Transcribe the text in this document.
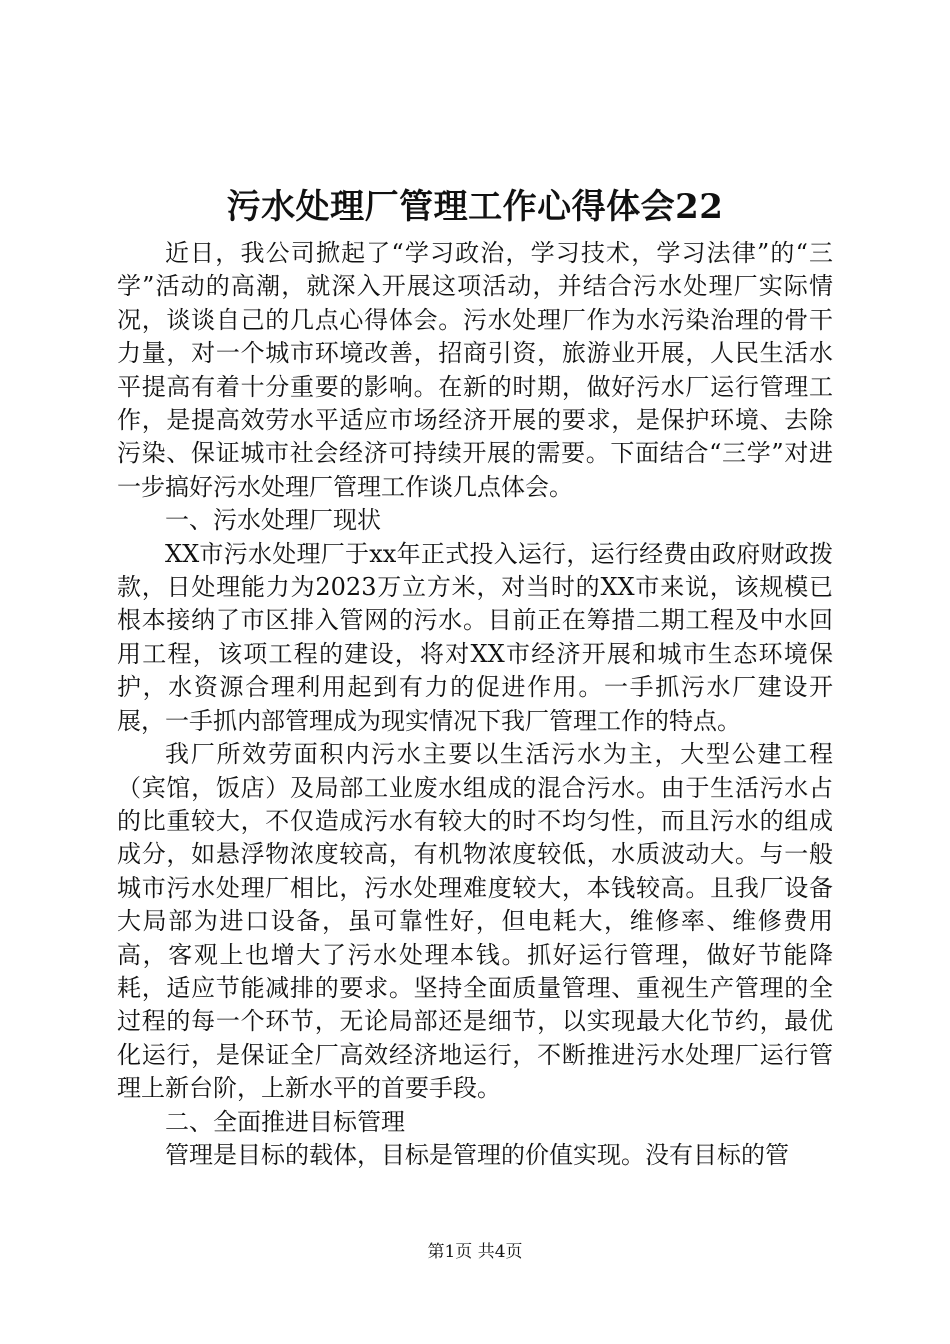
污水处理厂管理工作心得体会22

近日，我公司掀起了“学习政治，学习技术，学习法律”的“三学”活动的高潮，就深入开展这项活动，并结合污水处理厂实际情况，谈谈自己的几点心得体会。污水处理厂作为水污染治理的骨干力量，对一个城市环境改善，招商引资，旅游业开展，人民生活水平提高有着十分重要的影响。在新的时期，做好污水厂运行管理工作，是提高效劳水平适应市场经济开展的要求，是保护环境、去除污染、保证城市社会经济可持续开展的需要。下面结合“三学”对进一步搞好污水处理厂管理工作谈几点体会。

一、污水处理厂现状

XX市污水处理厂于xx年正式投入运行，运行经费由政府财政拨款，日处理能力为2023万立方米，对当时的XX市来说，该规模已根本接纳了市区排入管网的污水。目前正在筹措二期工程及中水回用工程，该项工程的建设，将对XX市经济开展和城市生态环境保护，水资源合理利用起到有力的促进作用。一手抓污水厂建设开展，一手抓内部管理成为现实情况下我厂管理工作的特点。

我厂所效劳面积内污水主要以生活污水为主，大型公建工程（宾馆，饭店）及局部工业废水组成的混合污水。由于生活污水占的比重较大，不仅造成污水有较大的时不均匀性，而且污水的组成成分，如悬浮物浓度较高，有机物浓度较低，水质波动大。与一般城市污水处理厂相比，污水处理难度较大，本钱较高。且我厂设备大局部为进口设备，虽可靠性好，但电耗大，维修率、维修费用高，客观上也增大了污水处理本钱。抓好运行管理，做好节能降耗，适应节能减排的要求。坚持全面质量管理、重视生产管理的全过程的每一个环节，无论局部还是细节，以实现最大化节约，最优化运行，是保证全厂高效经济地运行，不断推进污水处理厂运行管理上新台阶，上新水平的首要手段。

二、全面推进目标管理

管理是目标的载体，目标是管理的价值实现。没有目标的管

第1页 共4页
